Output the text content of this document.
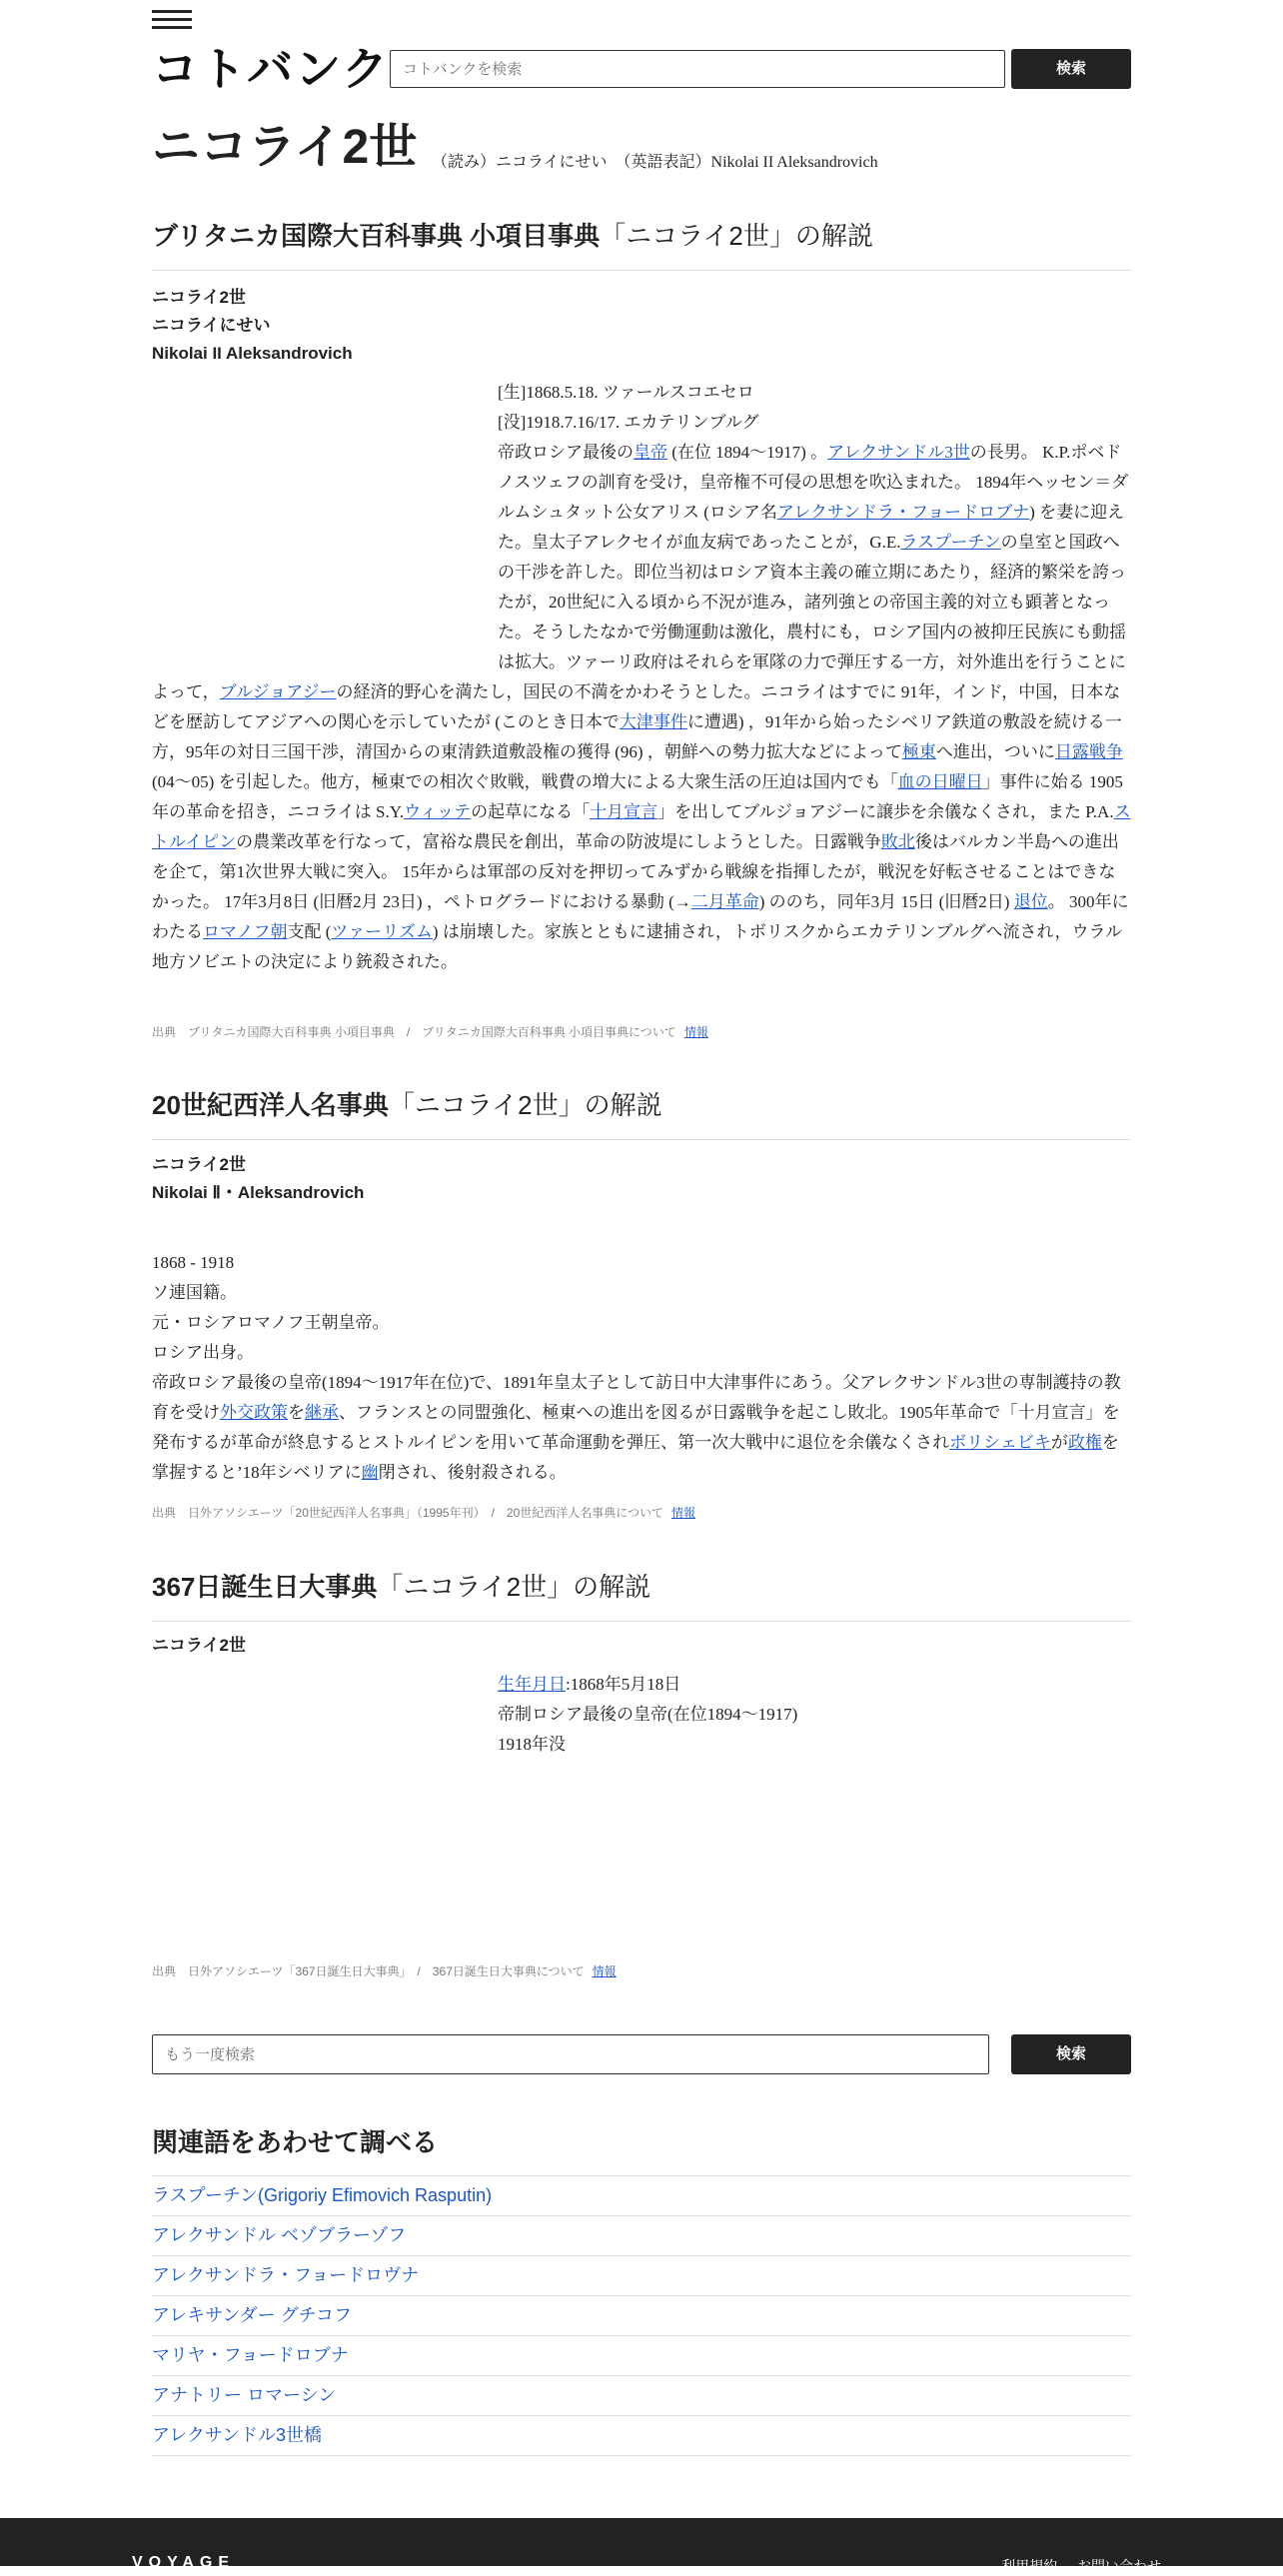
コトバンク
コトバンクを検索	検索
ニコライ2世 （読み）ニコライにせい　（英語表記）Nikolai II Aleksandrovich
ブリタニカ国際大百科事典 小項目事典「ニコライ2世」の解説
ニコライ2世
ニコライにせい
Nikolai II Aleksandrovich
[生]1868.5.18. ツァールスコエセロ
[没]1918.7.16/17. エカテリンブルグ
帝政ロシア最後の皇帝 (在位 1894～1917) 。アレクサンドル3世の長男。 K.P.ポベドノスツェフの訓育を受け，皇帝権不可侵の思想を吹込まれた。 1894年ヘッセン＝ダルムシュタット公女アリス (ロシア名アレクサンドラ・フョードロブナ) を妻に迎えた。皇太子アレクセイが血友病であったことが，G.E.ラスプーチンの皇室と国政への干渉を許した。即位当初はロシア資本主義の確立期にあたり，経済的繁栄を誇ったが，20世紀に入る頃から不況が進み，諸列強との帝国主義的対立も顕著となった。そうしたなかで労働運動は激化，農村にも，ロシア国内の被抑圧民族にも動揺は拡大。ツァーリ政府はそれらを軍隊の力で弾圧する一方，対外進出を行うことによって，ブルジョアジーの経済的野心を満たし，国民の不満をかわそうとした。ニコライはすでに 91年，インド，中国，日本などを歴訪してアジアへの関心を示していたが (このとき日本で大津事件に遭遇) ，91年から始ったシベリア鉄道の敷設を続ける一方，95年の対日三国干渉，清国からの東清鉄道敷設権の獲得 (96) ，朝鮮への勢力拡大などによって極東へ進出，ついに日露戦争 (04～05) を引起した。他方，極東での相次ぐ敗戦，戦費の増大による大衆生活の圧迫は国内でも「血の日曜日」事件に始る 1905年の革命を招き，ニコライは S.Y.ウィッテの起草になる「十月宣言」を出してブルジョアジーに譲歩を余儀なくされ，また P.A.ストルイピンの農業改革を行なって，富裕な農民を創出，革命の防波堤にしようとした。日露戦争敗北後はバルカン半島への進出を企て，第1次世界大戦に突入。 15年からは軍部の反対を押切ってみずから戦線を指揮したが，戦況を好転させることはできなかった。 17年3月8日 (旧暦2月 23日) ，ペトログラードにおける暴動 (→二月革命) ののち，同年3月 15日 (旧暦2日) 退位。 300年にわたるロマノフ朝支配 (ツァーリズム) は崩壊した。家族とともに逮捕され，トボリスクからエカテリンブルグへ流され，ウラル地方ソビエトの決定により銃殺された。
出典　ブリタニカ国際大百科事典 小項目事典　/　ブリタニカ国際大百科事典 小項目事典について 情報
20世紀西洋人名事典「ニコライ2世」の解説
ニコライ2世
Nikolai Ⅱ・Aleksandrovich
1868 - 1918
ソ連国籍。
元・ロシアロマノフ王朝皇帝。
ロシア出身。
帝政ロシア最後の皇帝(1894〜1917年在位)で、1891年皇太子として訪日中大津事件にあう。父アレクサンドル3世の専制護持の教育を受け外交政策を継承、フランスとの同盟強化、極東への進出を図るが日露戦争を起こし敗北。1905年革命で「十月宣言」を発布するが革命が終息するとストルイピンを用いて革命運動を弾圧、第一次大戦中に退位を余儀なくされボリシェビキが政権を掌握すると’18年シベリアに幽閉され、後射殺される。
出典　日外アソシエーツ「20世紀西洋人名事典」（1995年刊）　/　20世紀西洋人名事典について 情報
367日誕生日大事典「ニコライ2世」の解説
ニコライ2世
生年月日:1868年5月18日
帝制ロシア最後の皇帝(在位1894〜1917)
1918年没
出典　日外アソシエーツ「367日誕生日大事典」　/　367日誕生日大事典について 情報
もう一度検索
検索
関連語をあわせて調べる
ラスプーチン(Grigoriy Efimovich Rasputin)
アレクサンドル ベゾブラーゾフ
アレクサンドラ・フョードロヴナ
アレキサンダー グチコフ
マリヤ・フョードロブナ
アナトリー ロマーシン
アレクサンドル3世橋
VOYAGE	利用規約 お問い合わせ
